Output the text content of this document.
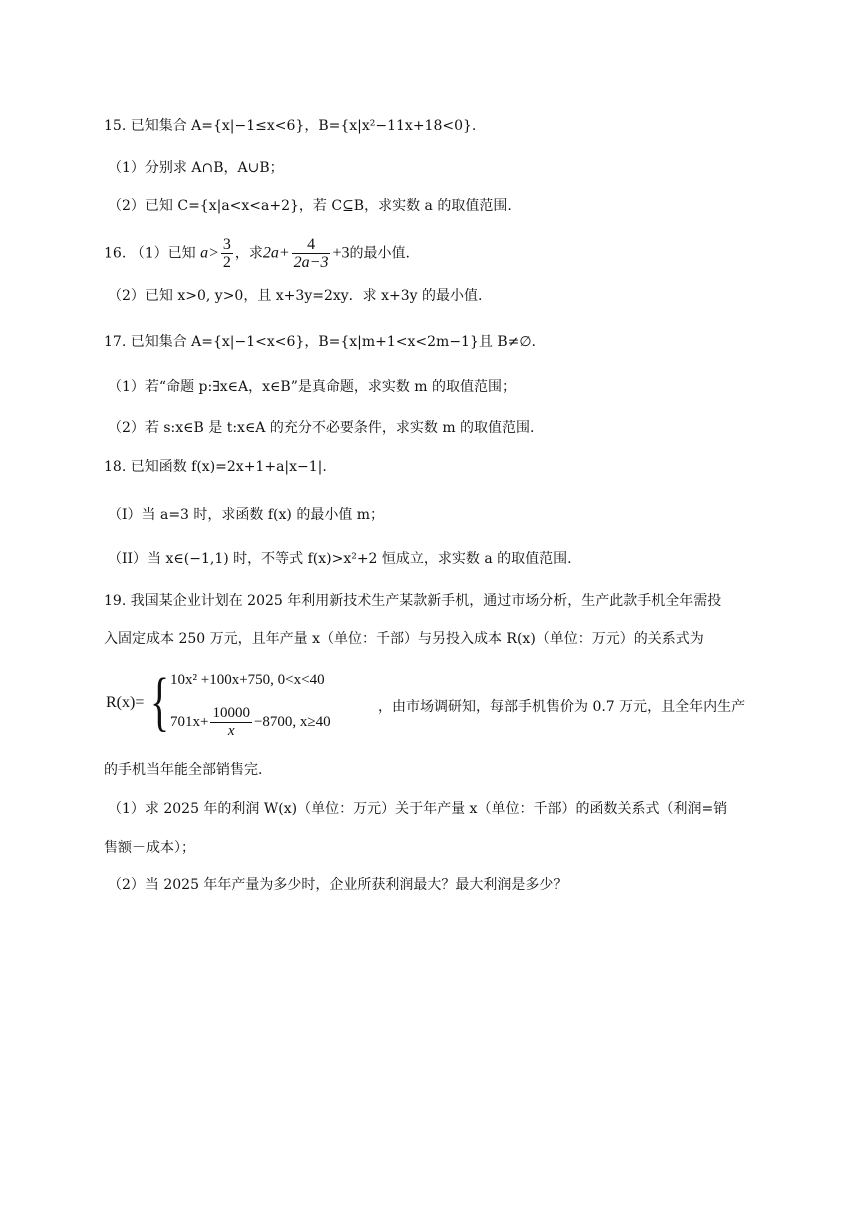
15. 已知集合 A={x|−1≤x<6}，B={x|x²−11x+18<0}.
（1）分别求 A∩B，A∪B；
（2）已知 C={x|a<x<a+2}，若 C⊆B，求实数 a 的取值范围.
16. （1）已知 $a> \frac{3}{2}$ ，求$2a+ \frac{4}{2a-3} +3$的最小值.
（2）已知 x>0, y>0，且 x+3y=2xy．求 x+3y 的最小值.
17. 已知集合 A={x|−1<x<6}，B={x|m+1<x<2m−1}且 B≠∅.
（1）若“命题 p:∃x∈A，x∈B”是真命题，求实数 m 的取值范围；
（2）若 s:x∈B 是 t:x∈A 的充分不必要条件，求实数 m 的取值范围.
18. 已知函数 f(x)=2x+1+a|x−1|.
（I）当 a=3 时，求函数 f(x) 的最小值 m；
（II）当 x∈(−1,1) 时，不等式 f(x)>x²+2 恒成立，求实数 a 的取值范围.
19. 我国某企业计划在 2025 年利用新技术生产某款新手机，通过市场分析，生产此款手机全年需投
入固定成本 250 万元，且年产量 x（单位：千部）与另投入成本 R(x)（单位：万元）的关系式为
R(x)= { 10x² +100x+750, 0<x<40
$701x+ \frac{10000}{x} -8700$, x≥40
，由市场调研知，每部手机售价为 0.7 万元，且全年内生产
的手机当年能全部销售完.
（1）求 2025 年的利润 W(x)（单位：万元）关于年产量 x（单位：千部）的函数关系式（利润=销
售额－成本）；
（2）当 2025 年年产量为多少时，企业所获利润最大？最大利润是多少？
